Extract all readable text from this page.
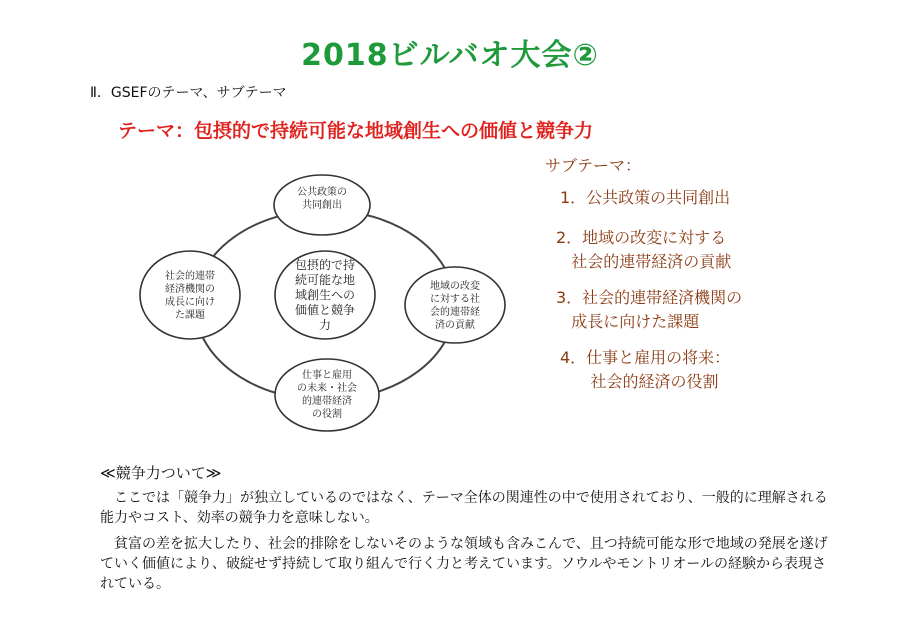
2018ビルバオ大会②
Ⅱ．GSEFのテーマ、サブテーマ
テーマ：包摂的で持続可能な地域創生への価値と競争力
サブテーマ：
1．公共政策の共同創出
2．地域の改変に対する
社会的連帯経済の貢献
3．社会的連帯経済機関の
成長に向けた課題
4．仕事と雇用の将来：
社会的経済の役割
公共政策の
共同創出
社会的連帯
経済機関の
成長に向け
た課題
地域の改変
に対する社
会的連帯経
済の貢献
仕事と雇用
の未来・社会
的連帯経済
の役割
包摂的で持
続可能な地
域創生への
価値と競争
力
≪競争力ついて≫
ここでは「競争力」が独立しているのではなく、テーマ全体の関連性の中で使用されており、一般的に理解される能力やコスト、効率の競争力を意味しない。
貧富の差を拡大したり、社会的排除をしないそのような領域も含みこんで、且つ持続可能な形で地域の発展を遂げていく価値により、破綻せず持続して取り組んで行く力と考えています。ソウルやモントリオールの経験から表現されている。
